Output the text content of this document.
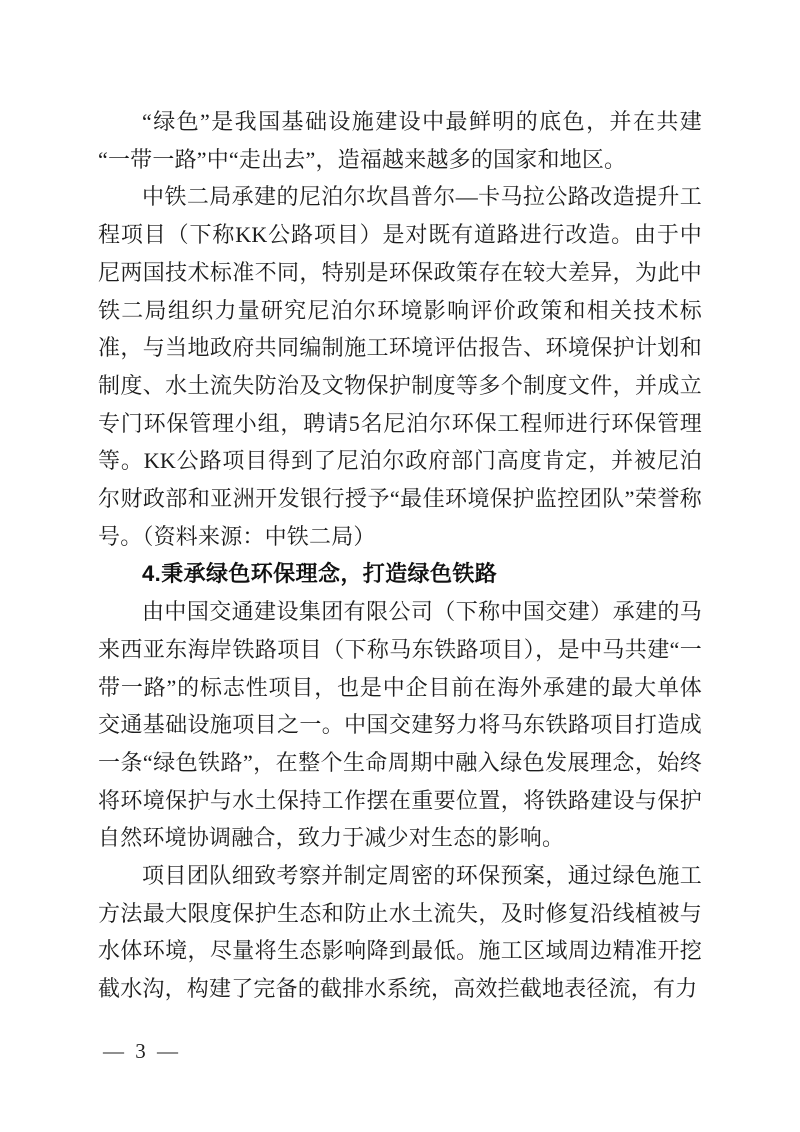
“绿色”是我国基础设施建设中最鲜明的底色，并在共建“一带一路”中“走出去”，造福越来越多的国家和地区。

中铁二局承建的尼泊尔坎昌普尔—卡马拉公路改造提升工程项目（下称KK公路项目）是对既有道路进行改造。由于中尼两国技术标准不同，特别是环保政策存在较大差异，为此中铁二局组织力量研究尼泊尔环境影响评价政策和相关技术标准，与当地政府共同编制施工环境评估报告、环境保护计划和制度、水土流失防治及文物保护制度等多个制度文件，并成立专门环保管理小组，聘请5名尼泊尔环保工程师进行环保管理等。KK公路项目得到了尼泊尔政府部门高度肯定，并被尼泊尔财政部和亚洲开发银行授予“最佳环境保护监控团队”荣誉称号。（资料来源：中铁二局）

4.秉承绿色环保理念，打造绿色铁路

由中国交通建设集团有限公司（下称中国交建）承建的马来西亚东海岸铁路项目（下称马东铁路项目），是中马共建“一带一路”的标志性项目，也是中企目前在海外承建的最大单体交通基础设施项目之一。中国交建努力将马东铁路项目打造成一条“绿色铁路”，在整个生命周期中融入绿色发展理念，始终将环境保护与水土保持工作摆在重要位置，将铁路建设与保护自然环境协调融合，致力于减少对生态的影响。

项目团队细致考察并制定周密的环保预案，通过绿色施工方法最大限度保护生态和防止水土流失，及时修复沿线植被与水体环境，尽量将生态影响降到最低。施工区域周边精准开挖截水沟，构建了完备的截排水系统，高效拦截地表径流，有力

— 3 —
